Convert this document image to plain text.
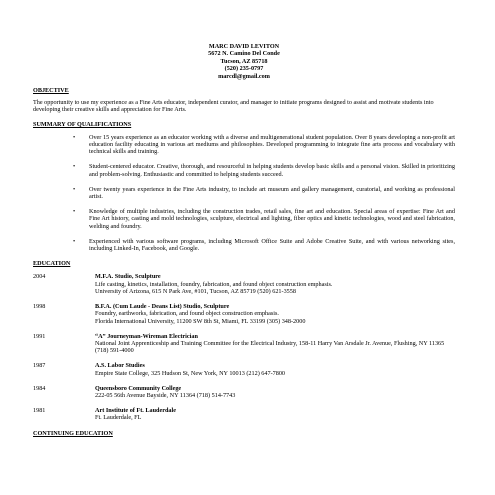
MARC DAVID LEVITON
5672 N. Camino Del Conde
Tucson, AZ 85718
(520) 235-0797
marcdl@gmail.com
OBJECTIVE
The opportunity to use my experience as a Fine Arts educator, independent curator, and manager to initiate programs designed to assist and motivate students into developing their creative skills and appreciation for Fine Arts.
SUMMARY OF QUALIFICATIONS
• Over 15 years experience as an educator working with a diverse and multigenerational student population. Over 8 years developing a non-profit art education facility educating in various art mediums and philosophies. Developed programming to integrate fine arts process and vocabulary with technical skills and training.
• Student-centered educator. Creative, thorough, and resourceful in helping students develop basic skills and a personal vision. Skilled in prioritizing and problem-solving. Enthusiastic and committed to helping students succeed.
• Over twenty years experience in the Fine Arts industry, to include art museum and gallery management, curatorial, and working as professional artist.
• Knowledge of multiple industries, including the construction trades, retail sales, fine art and education. Special areas of expertise: Fine Art and Fine Art history, casting and mold technologies, sculpture, electrical and lighting, fiber optics and kinetic technologies, wood and steel fabrication, welding and foundry.
• Experienced with various software programs, including Microsoft Office Suite and Adobe Creative Suite, and with various networking sites, including Linked-In, Facebook, and Google.
EDUCATION
2004	M.F.A. Studio, Sculpture
Life casting, kinetics, installation, foundry, fabrication, and found object construction emphasis.
University of Arizona, 615 N Park Ave, #101, Tucson, AZ 85719 (520) 621-3558
1998	B.F.A. (Cum Laude - Deans List) Studio, Sculpture
Foundry, earthworks, fabrication, and found object construction emphasis.
Florida International University, 11200 SW 8th St, Miami, FL 33199 (305) 348-2000
1991	“A” Journeyman-Wireman Electrician
National Joint Apprenticeship and Training Committee for the Electrical Industry, 158-11 Harry Van Arsdale Jr. Avenue, Flushing, NY 11365 (718) 591-4000
1987	A.S. Labor Studies
Empire State College, 325 Hudson St, New York, NY 10013 (212) 647-7800
1984	Queensboro Community College
222-05 56th Avenue Bayside, NY 11364 (718) 514-7743
1981	Art Institute of Ft. Lauderdale
Ft. Lauderdale, FL
CONTINUING EDUCATION
